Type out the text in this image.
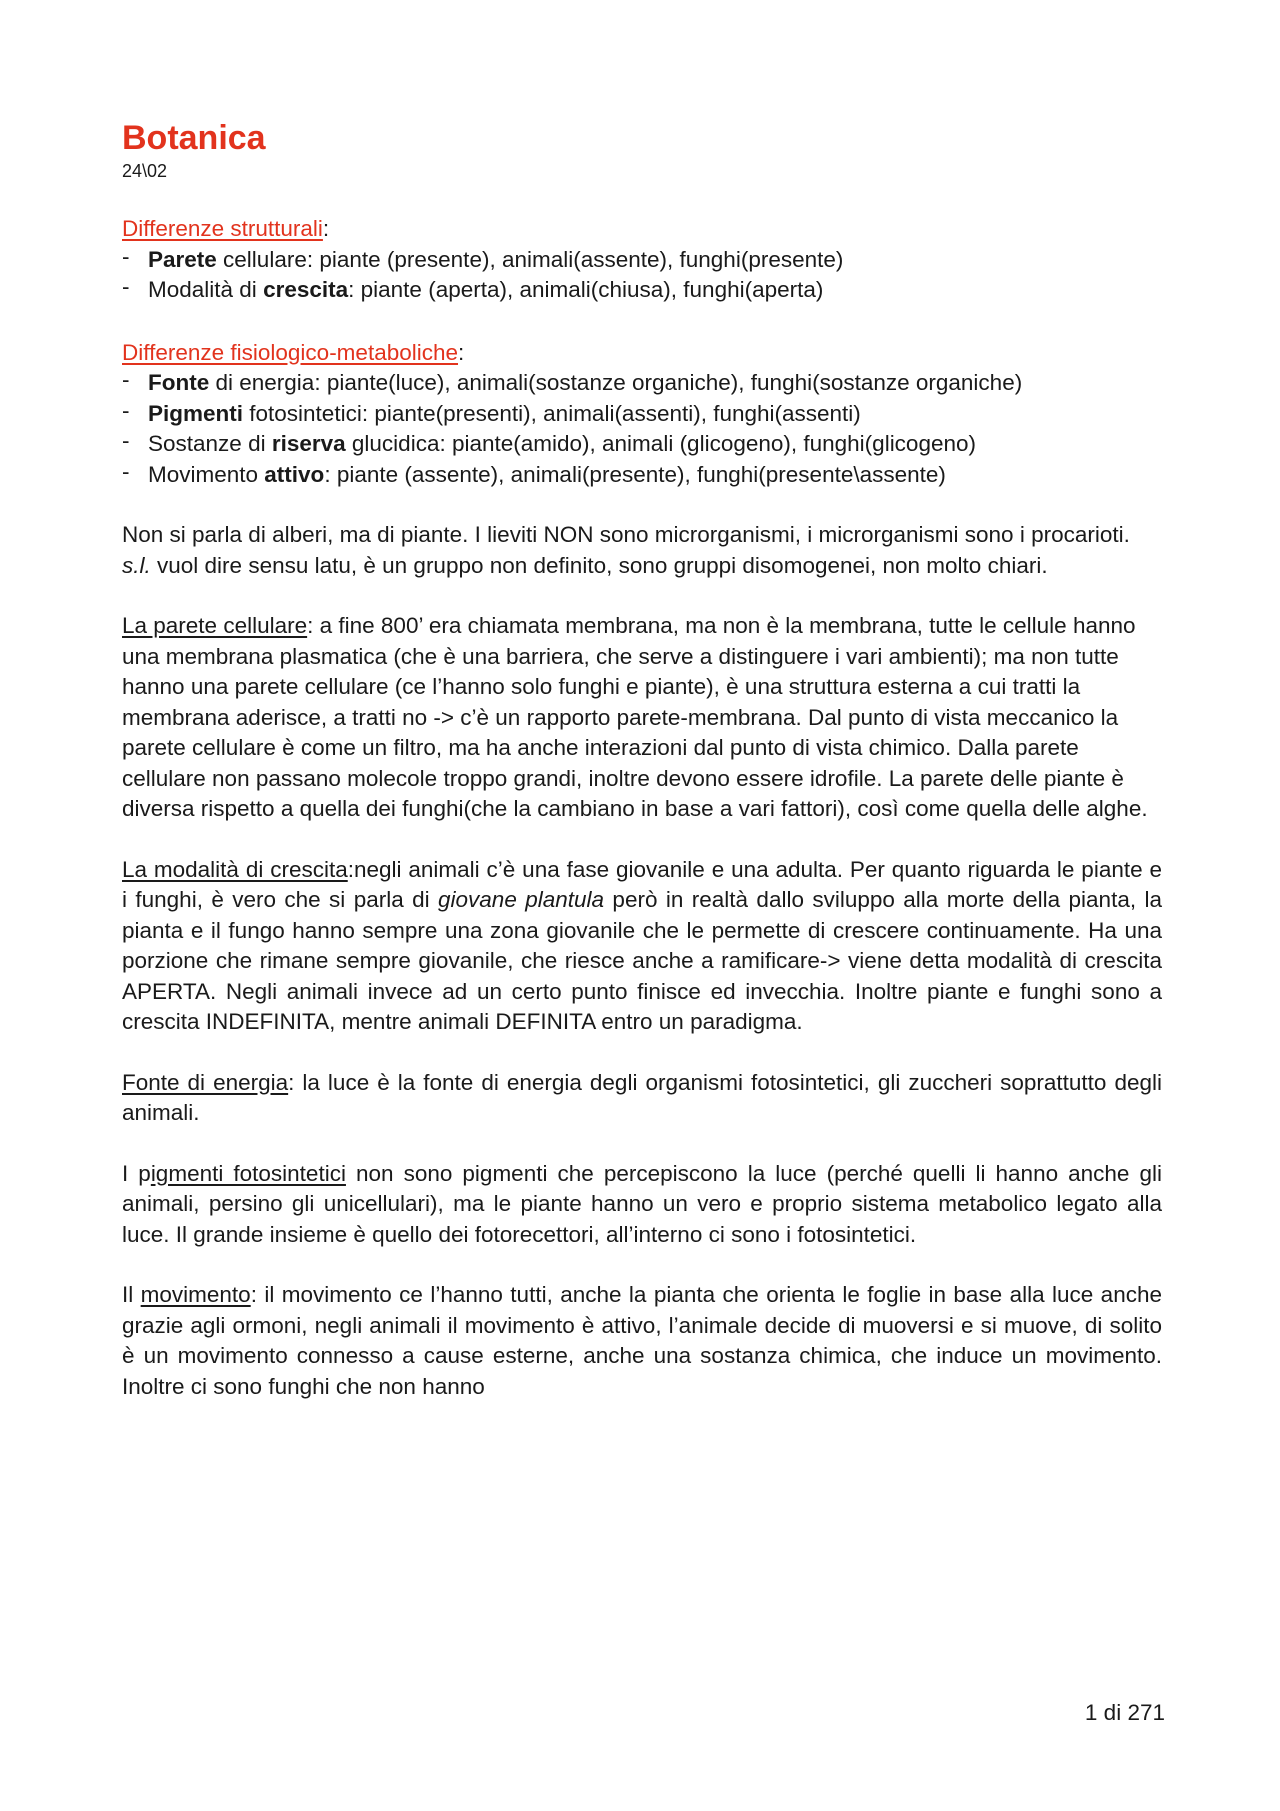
Botanica
24\02
Differenze strutturali:
- Parete cellulare: piante (presente), animali(assente), funghi(presente)
- Modalità di crescita: piante (aperta), animali(chiusa), funghi(aperta)
Differenze fisiologico-metaboliche:
- Fonte di energia: piante(luce), animali(sostanze organiche), funghi(sostanze organiche)
- Pigmenti fotosintetici: piante(presenti), animali(assenti), funghi(assenti)
- Sostanze di riserva glucidica: piante(amido), animali (glicogeno), funghi(glicogeno)
- Movimento attivo: piante (assente), animali(presente), funghi(presente\assente)

Non si parla di alberi, ma di piante. I lieviti NON sono microrganismi, i microrganismi sono i procarioti. s.l. vuol dire sensu latu, è un gruppo non definito, sono gruppi disomogenei, non molto chiari.

La parete cellulare: a fine 800’ era chiamata membrana, ma non è la membrana, tutte le cellule hanno una membrana plasmatica (che è una barriera, che serve a distinguere i vari ambienti); ma non tutte hanno una parete cellulare (ce l’hanno solo funghi e piante), è una struttura esterna a cui tratti la membrana aderisce, a tratti no -> c’è un rapporto parete-membrana. Dal punto di vista meccanico la parete cellulare è come un filtro, ma ha anche interazioni dal punto di vista chimico. Dalla parete cellulare non passano molecole troppo grandi, inoltre devono essere idrofile. La parete delle piante è diversa rispetto a quella dei funghi(che la cambiano in base a vari fattori), così come quella delle alghe.

La modalità di crescita:negli animali c’è una fase giovanile e una adulta. Per quanto riguarda le piante e i funghi, è vero che si parla di giovane plantula però in realtà dallo sviluppo alla morte della pianta, la pianta e il fungo hanno sempre una zona giovanile che le permette di crescere continuamente. Ha una porzione che rimane sempre giovanile, che riesce anche a ramificare-> viene detta modalità di crescita APERTA. Negli animali invece ad un certo punto finisce ed invecchia. Inoltre piante e funghi sono a crescita INDEFINITA, mentre animali DEFINITA entro un paradigma.

Fonte di energia: la luce è la fonte di energia degli organismi fotosintetici, gli zuccheri soprattutto degli animali.

I pigmenti fotosintetici non sono pigmenti che percepiscono la luce (perché quelli li hanno anche gli animali, persino gli unicellulari), ma le piante hanno un vero e proprio sistema metabolico legato alla luce. Il grande insieme è quello dei fotorecettori, all’interno ci sono i fotosintetici.

Il movimento: il movimento ce l’hanno tutti, anche la pianta che orienta le foglie in base alla luce anche grazie agli ormoni, negli animali il movimento è attivo, l’animale decide di muoversi e si muove, di solito è un movimento connesso a cause esterne, anche una sostanza chimica, che induce un movimento. Inoltre ci sono funghi che non hanno

1 di 271
